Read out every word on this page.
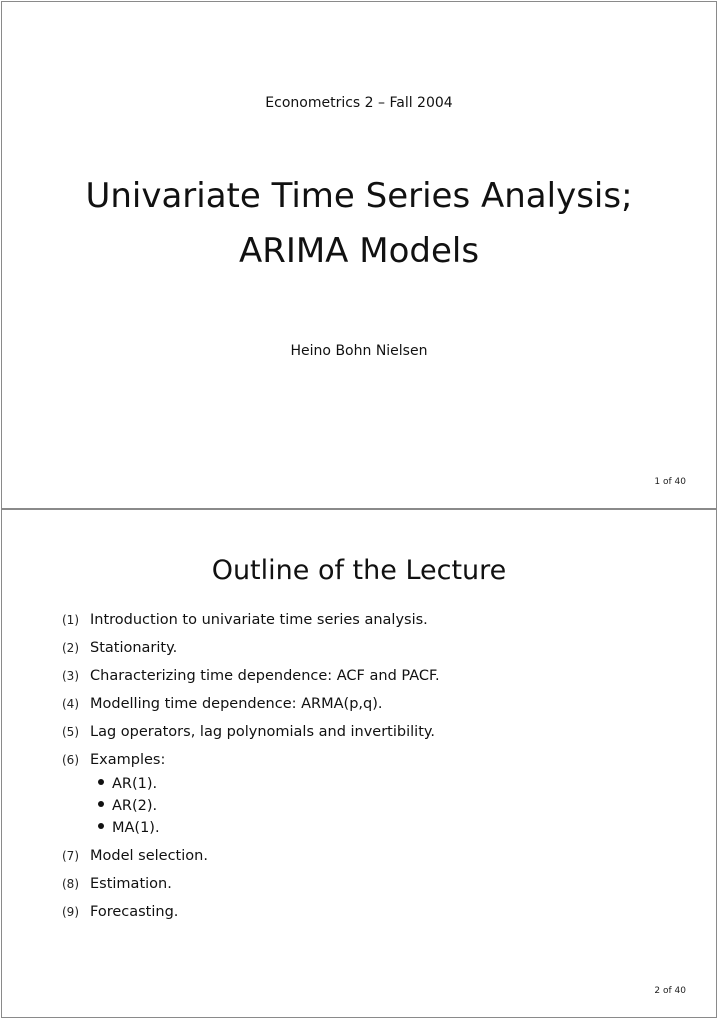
Econometrics 2 – Fall 2004
Univariate Time Series Analysis;
ARIMA Models
Heino Bohn Nielsen
1 of 40
Outline of the Lecture
(1) Introduction to univariate time series analysis.
(2) Stationarity.
(3) Characterizing time dependence: ACF and PACF.
(4) Modelling time dependence: ARMA(p,q).
(5) Lag operators, lag polynomials and invertibility.
(6) Examples:
AR(1).
AR(2).
MA(1).
(7) Model selection.
(8) Estimation.
(9) Forecasting.
2 of 40
